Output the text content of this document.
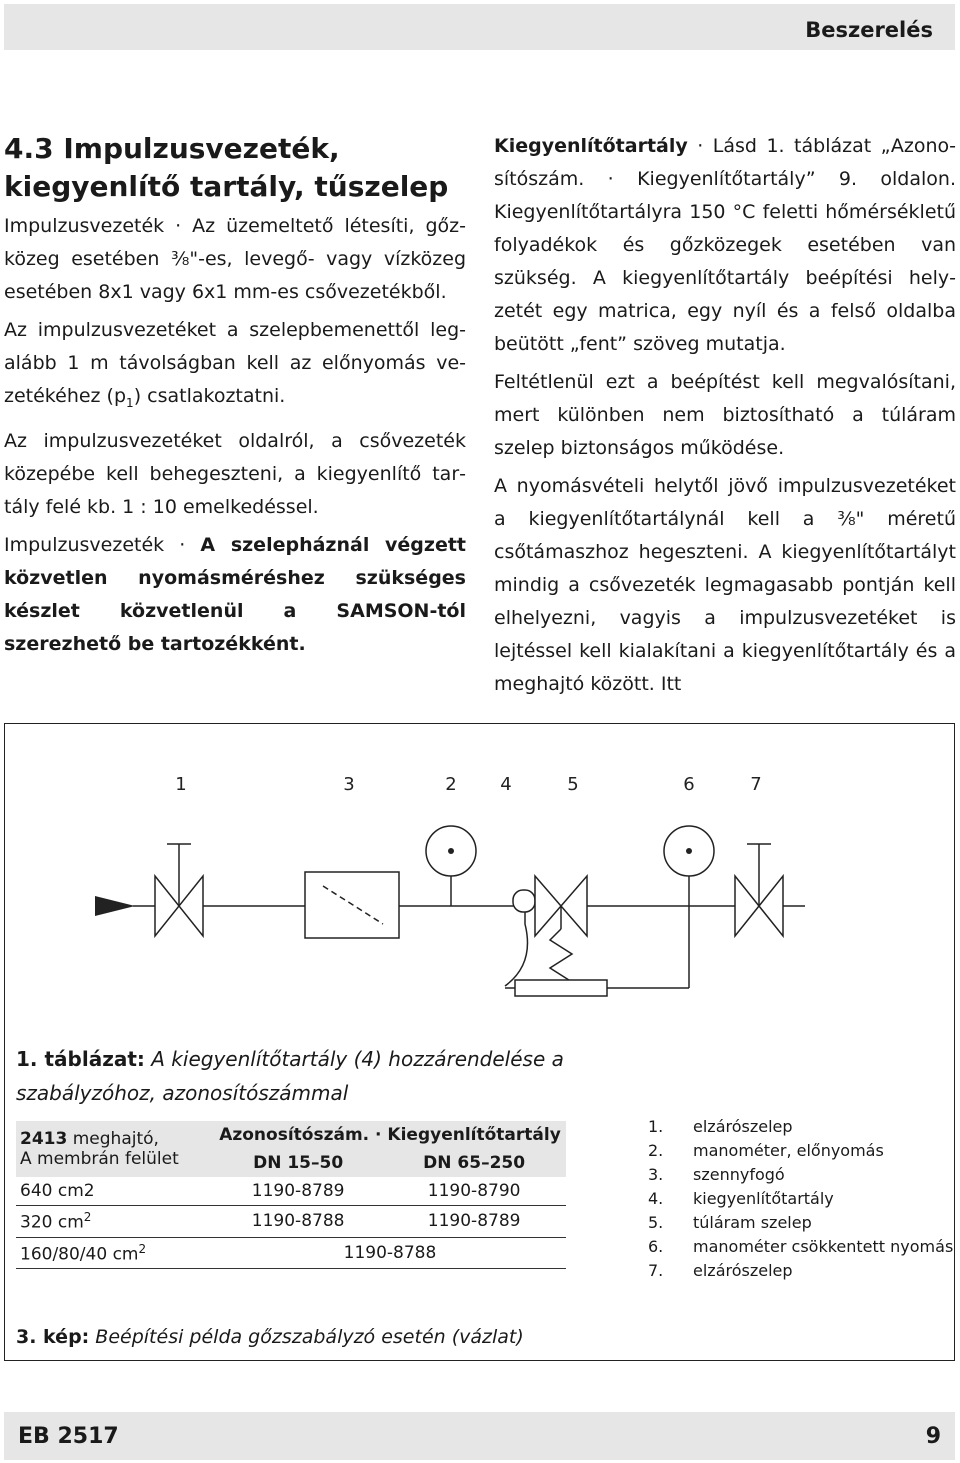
Beszerelés
4.3 Impulzusvezeték, kiegyenlítő tartály, tűszelep

Impulzusvezeték · Az üzemeltető létesíti, gőzközeg esetében ³⁄₈"-es, levegő- vagy vízközeg esetében 8x1 vagy 6x1 mm-es csővezetékből.

Az impulzusvezetéket a szelepbemenettől legalább 1 m távolságban kell az előnyomás vezetékéhez $(p_1)$ csatlakoztatni.

Az impulzusvezetéket oldalról, a csővezeték közepébe kell behegeszteni, a kiegyenlítő tartály felé kb. 1 : 10 emelkedéssel.

Impulzusvezeték · A szelepháznál végzett közvetlen nyomásméréshez szükséges készlet közvetlenül a SAMSON-tól szerezhető be tartozékként.

Kiegyenlítőtartály · Lásd 1. táblázat „Azonosítószám. · Kiegyenlítőtartály” 9. oldalon. Kiegyenlítőtartályra 150 °C feletti hőmérsékletű folyadékok és gőzközegek esetében van szükség. A kiegyenlítőtartály beépítési helyzetét egy matrica, egy nyíl és a felső oldalba beütött „fent” szöveg mutatja.

Feltétlenül ezt a beépítést kell megvalósítani, mert különben nem biztosítható a túláram szelep biztonságos működése.

A nyomásvételi helytől jövő impulzusvezetéket a kiegyenlítőtartálynál kell a ³⁄₈" méretű csőtámaszhoz hegeszteni. A kiegyenlítőtartályt mindig a csővezeték legmagasabb pontján kell elhelyezni, vagyis a impulzusvezetéket is lejtéssel kell kialakítani a kiegyenlítőtartály és a meghajtó között. Itt

1	3	2 4	5	6	7
1. táblázat: A kiegyenlítőtartály (4) hozzárendelése a szabályzóhoz, azonosítószámmal
2413 meghajtó,
A membrán felület	Azonosítószám. · Kiegyenlítőtartály	
	DN 15–50	DN 65–250
640 cm2	1190-8789	1190-8790
320 $cm^2$	1190-8788	1190-8789
160/80/40 $cm^2$	1190-8788	
1.	elzárószelep
2.	manométer, előnyomás
3.	szennyfogó
4.	kiegyenlítőtartály
5.	túláram szelep
6.	manométer csökkentett nyomás
7.	elzárószelep
3. kép: Beépítési példa gőzszabályzó esetén (vázlat)
EB 2517	9
